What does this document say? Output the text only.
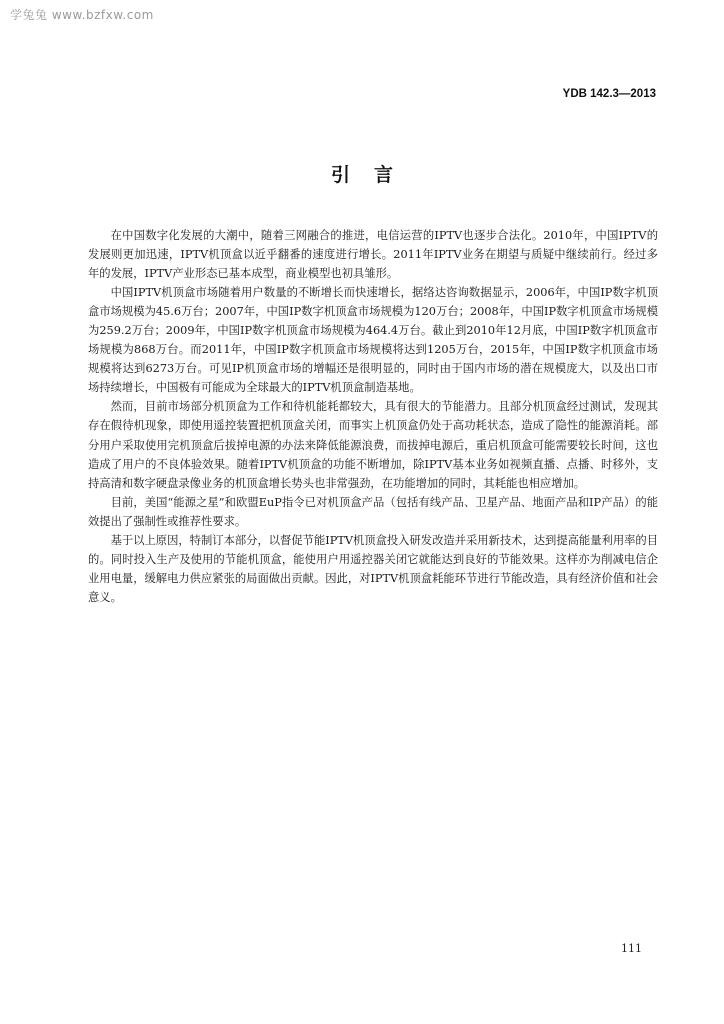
学兔兔 www.bzfxw.com
YDB 142.3—2013
引言

在中国数字化发展的大潮中，随着三网融合的推进，电信运营的IPTV也逐步合法化。2010年，中国IPTV的发展则更加迅速，IPTV机顶盒以近乎翻番的速度进行增长。2011年IPTV业务在期望与质疑中继续前行。经过多年的发展，IPTV产业形态已基本成型，商业模型也初具雏形。

中国IPTV机顶盒市场随着用户数量的不断增长而快速增长，据络达咨询数据显示，2006年，中国IP数字机顶盒市场规模为45.6万台；2007年，中国IP数字机顶盒市场规模为120万台；2008年，中国IP数字机顶盒市场规模为259.2万台；2009年，中国IP数字机顶盒市场规模为464.4万台。截止到2010年12月底，中国IP数字机顶盒市场规模为868万台。而2011年，中国IP数字机顶盒市场规模将达到1205万台，2015年，中国IP数字机顶盒市场规模将达到6273万台。可见IP机顶盒市场的增幅还是很明显的，同时由于国内市场的潜在规模庞大，以及出口市场持续增长，中国极有可能成为全球最大的IPTV机顶盒制造基地。

然而，目前市场部分机顶盒为工作和待机能耗都较大，具有很大的节能潜力。且部分机顶盒经过测试，发现其存在假待机现象，即使用遥控装置把机顶盒关闭，而事实上机顶盒仍处于高功耗状态，造成了隐性的能源消耗。部分用户采取使用完机顶盒后拔掉电源的办法来降低能源浪费，而拔掉电源后，重启机顶盒可能需要较长时间，这也造成了用户的不良体验效果。随着IPTV机顶盒的功能不断增加，除IPTV基本业务如视频直播、点播、时移外，支持高清和数字硬盘录像业务的机顶盒增长势头也非常强劲，在功能增加的同时，其耗能也相应增加。

目前，美国“能源之星”和欧盟EuP指令已对机顶盒产品（包括有线产品、卫星产品、地面产品和IP产品）的能效提出了强制性或推荐性要求。

基于以上原因，特制订本部分，以督促节能IPTV机顶盒投入研发改造并采用新技术，达到提高能量利用率的目的。同时投入生产及使用的节能机顶盒，能使用户用遥控器关闭它就能达到良好的节能效果。这样亦为削减电信企业用电量，缓解电力供应紧张的局面做出贡献。因此，对IPTV机顶盒耗能环节进行节能改造，具有经济价值和社会意义。

111
